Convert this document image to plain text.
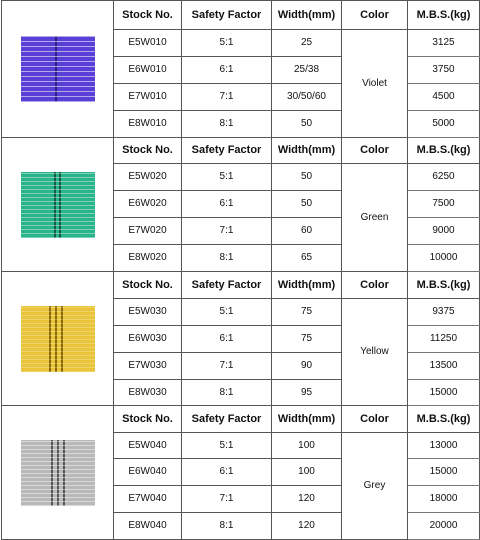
	Stock No.	Safety Factor	Width(mm)	Color	M.B.S.(kg)
	E5W010	5:1	25	Violet	3125
	E6W010	6:1	25/38		3750
	E7W010	7:1	30/50/60		4500
	E8W010	8:1	50		5000

	Stock No.	Safety Factor	Width(mm)	Color	M.B.S.(kg)
	E5W020	5:1	50	Green	6250
	E6W020	6:1	50		7500
	E7W020	7:1	60		9000
	E8W020	8:1	65		10000

	Stock No.	Safety Factor	Width(mm)	Color	M.B.S.(kg)
	E5W030	5:1	75	Yellow	9375
	E6W030	6:1	75		11250
	E7W030	7:1	90		13500
	E8W030	8:1	95		15000

	Stock No.	Safety Factor	Width(mm)	Color	M.B.S.(kg)
	E5W040	5:1	100	Grey	13000
	E6W040	6:1	100		15000
	E7W040	7:1	120		18000
	E8W040	8:1	120		20000
